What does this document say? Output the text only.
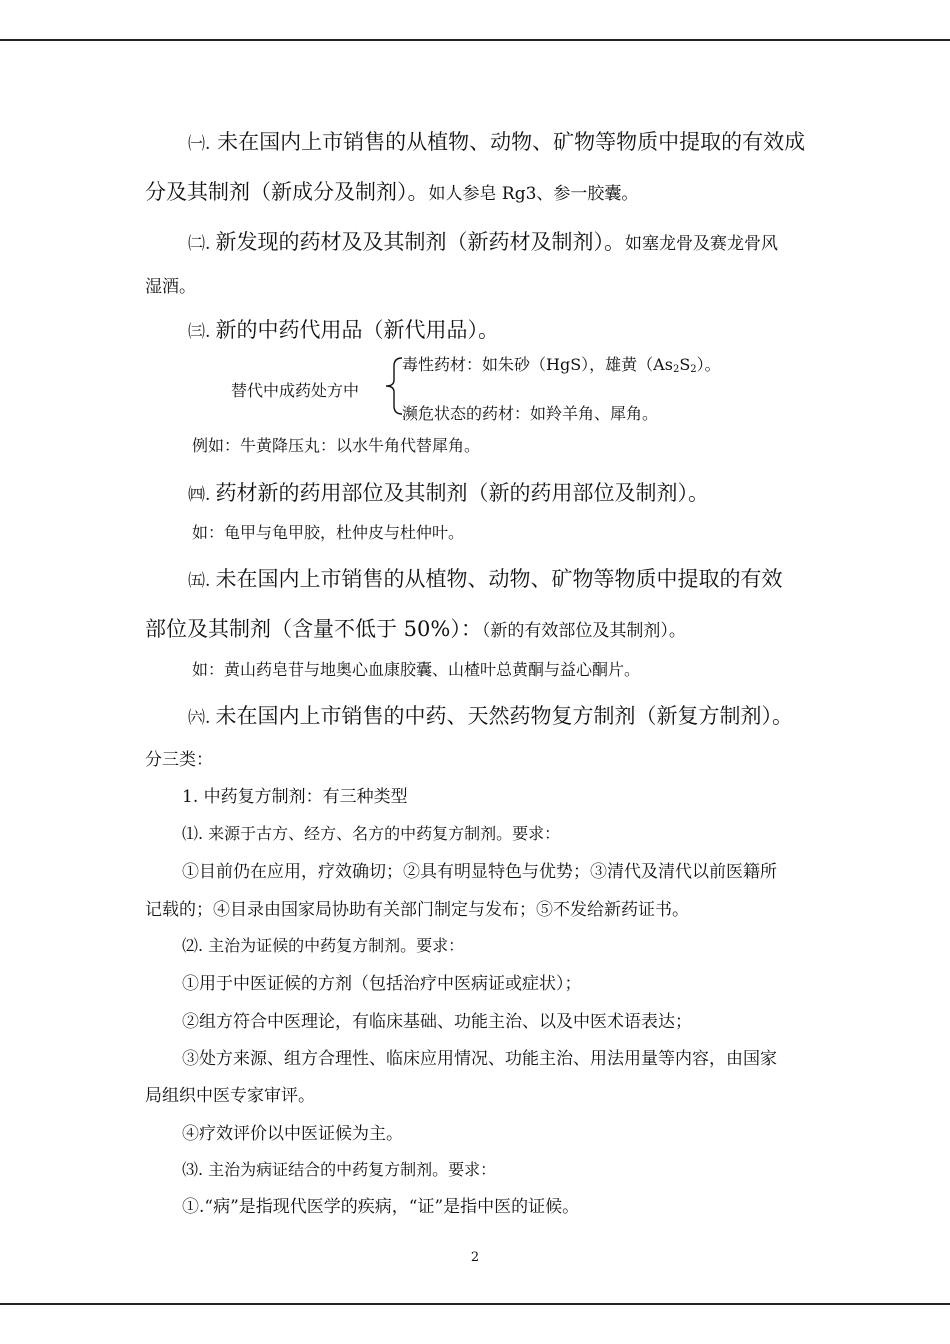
㈠. 未在国内上市销售的从植物、动物、矿物等物质中提取的有效成
分及其制剂（新成分及制剂）。如人参皂 Rg3、参一胶囊。
㈡. 新发现的药材及及其制剂（新药材及制剂）。如塞龙骨及赛龙骨风
湿酒。
㈢. 新的中药代用品（新代用品）。
替代中成药处方中
毒性药材：如朱砂（HgS），雄黄$(As_2S_2)$。
濒危状态的药材：如羚羊角、犀角。
例如：牛黄降压丸：以水牛角代替犀角。
㈣. 药材新的药用部位及其制剂（新的药用部位及制剂）。
如：龟甲与龟甲胶，杜仲皮与杜仲叶。
㈤. 未在国内上市销售的从植物、动物、矿物等物质中提取的有效
部位及其制剂（含量不低于 50%）：（新的有效部位及其制剂）。
如：黄山药皂苷与地奥心血康胶囊、山楂叶总黄酮与益心酮片。
㈥. 未在国内上市销售的中药、天然药物复方制剂（新复方制剂）。
分三类：
1. 中药复方制剂：有三种类型
⑴. 来源于古方、经方、名方的中药复方制剂。要求：
①目前仍在应用，疗效确切；②具有明显特色与优势；③清代及清代以前医籍所
记载的；④目录由国家局协助有关部门制定与发布；⑤不发给新药证书。
⑵. 主治为证候的中药复方制剂。要求：
①用于中医证候的方剂（包括治疗中医病证或症状）；
②组方符合中医理论，有临床基础、功能主治、以及中医术语表达；
③处方来源、组方合理性、临床应用情况、功能主治、用法用量等内容，由国家
局组织中医专家审评。
④疗效评价以中医证候为主。
⑶. 主治为病证结合的中药复方制剂。要求：
①.“病”是指现代医学的疾病，“证”是指中医的证候。
2
